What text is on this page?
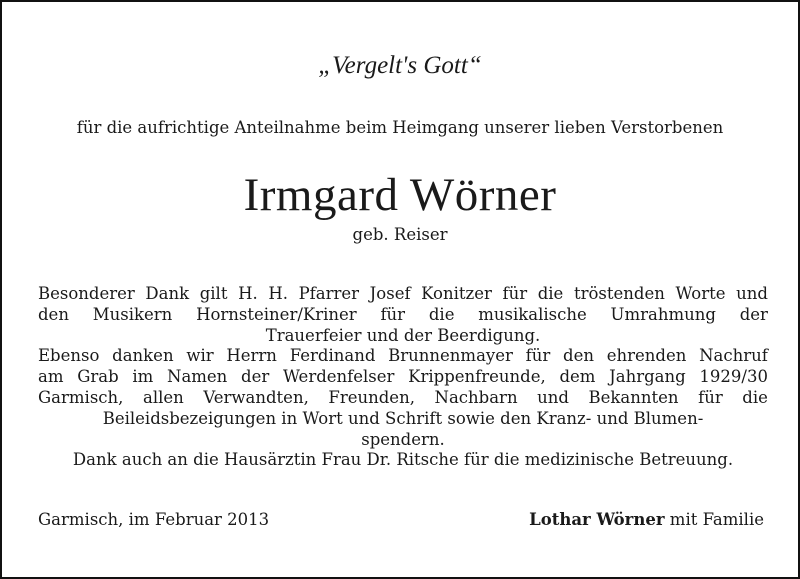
„Vergelt's Gott“
für die aufrichtige Anteilnahme beim Heimgang unserer lieben Verstorbenen
Irmgard Wörner
geb. Reiser
Besonderer Dank gilt H. H. Pfarrer Josef Konitzer für die tröstenden Worte und
den Musikern Hornsteiner/Kriner für die musikalische Umrahmung der
Trauerfeier und der Beerdigung.
Ebenso danken wir Herrn Ferdinand Brunnenmayer für den ehrenden Nachruf
am Grab im Namen der Werdenfelser Krippenfreunde, dem Jahrgang 1929/30
Garmisch, allen Verwandten, Freunden, Nachbarn und Bekannten für die
Beileidsbezeigungen in Wort und Schrift sowie den Kranz- und Blumen-
spendern.
Dank auch an die Hausärztin Frau Dr. Ritsche für die medizinische Betreuung.
Garmisch, im Februar 2013	Lothar Wörner mit Familie
